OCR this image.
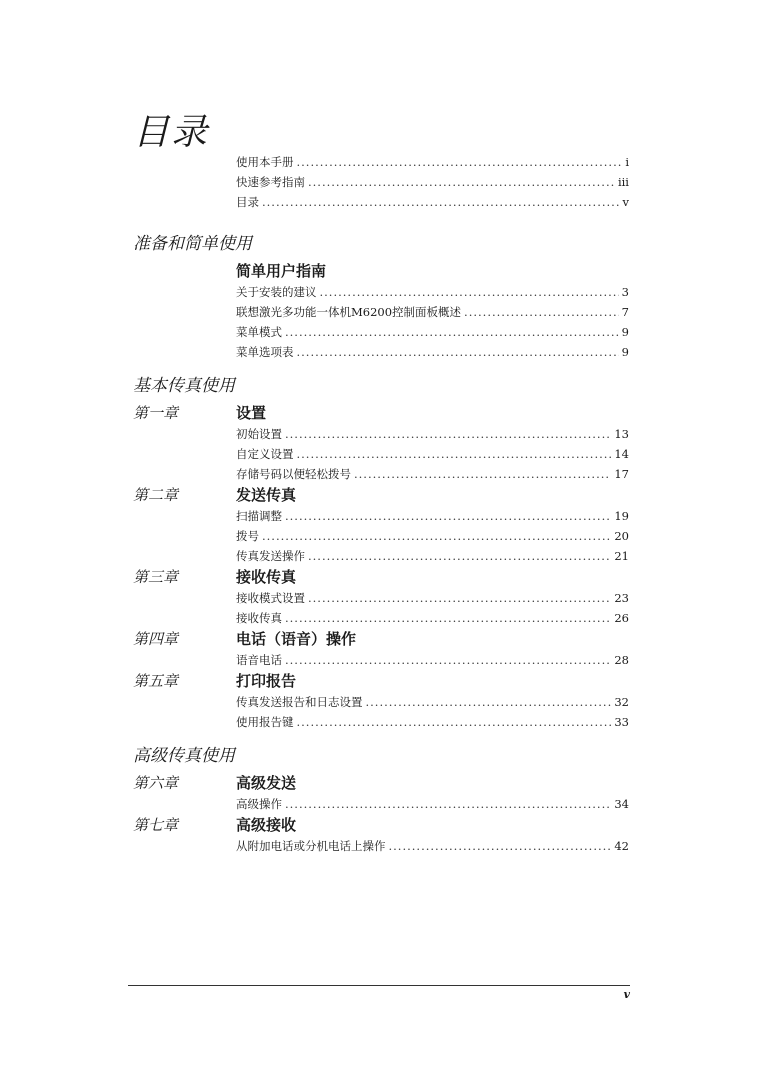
目录
使用本手册 .....	i
快速参考指南 .....	iii
目录 .....	v
准备和简单使用
简单用户指南
关于安装的建议 .....	3
联想激光多功能一体机M6200控制面板概述 .....	7
菜单模式 .....	9
菜单选项表 .....	9
基本传真使用
第一章	设置
初始设置 .....	13
自定义设置 .....	14
存储号码以便轻松拨号 .....	17
第二章	发送传真
扫描调整 .....	19
拨号 .....	20
传真发送操作 .....	21
第三章	接收传真
接收模式设置 .....	23
接收传真 .....	26
第四章	电话（语音）操作
语音电话 .....	28
第五章	打印报告
传真发送报告和日志设置 .....	32
使用报告键 .....	33
高级传真使用
第六章	高级发送
高级操作 .....	34
第七章	高级接收
从附加电话或分机电话上操作 .....	42
v
